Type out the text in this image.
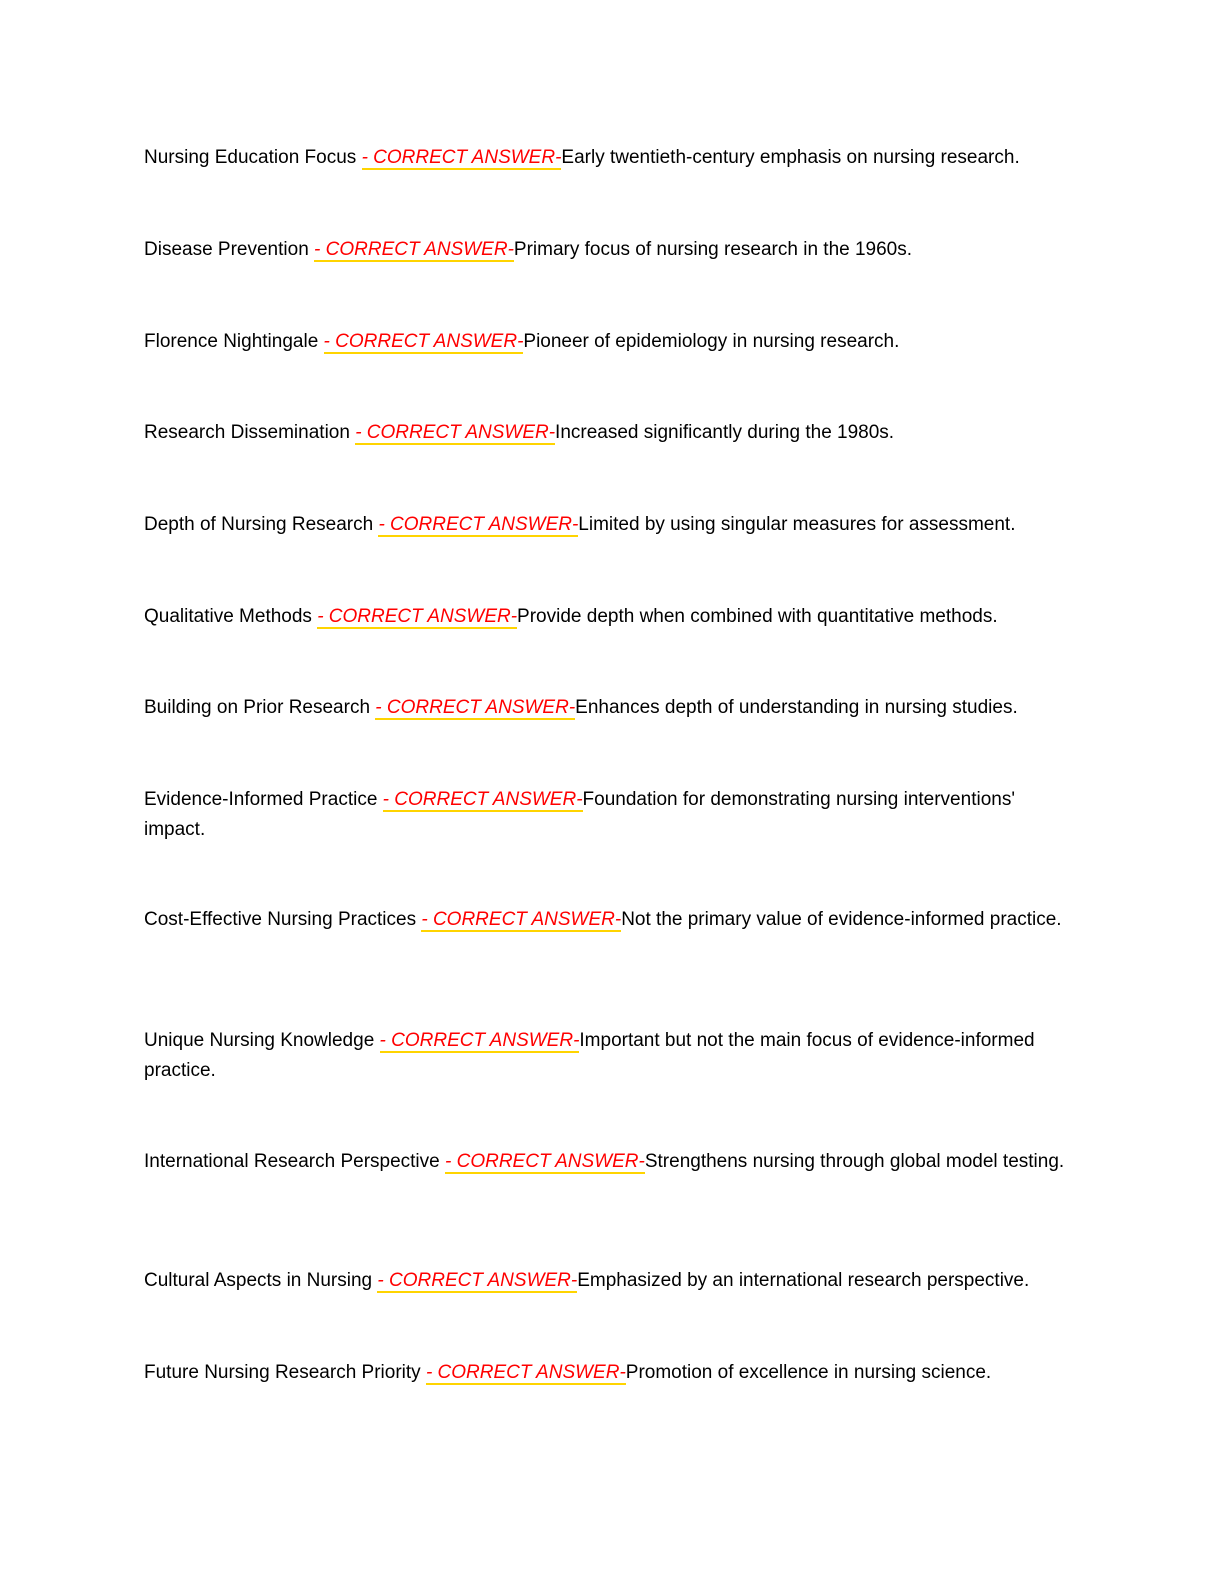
Nursing Education Focus - CORRECT ANSWER-Early twentieth-century emphasis on nursing research.

Disease Prevention - CORRECT ANSWER-Primary focus of nursing research in the 1960s.

Florence Nightingale - CORRECT ANSWER-Pioneer of epidemiology in nursing research.

Research Dissemination - CORRECT ANSWER-Increased significantly during the 1980s.

Depth of Nursing Research - CORRECT ANSWER-Limited by using singular measures for assessment.

Qualitative Methods - CORRECT ANSWER-Provide depth when combined with quantitative methods.

Building on Prior Research - CORRECT ANSWER-Enhances depth of understanding in nursing studies.

Evidence-Informed Practice - CORRECT ANSWER-Foundation for demonstrating nursing interventions' impact.

Cost-Effective Nursing Practices - CORRECT ANSWER-Not the primary value of evidence-informed practice.

Unique Nursing Knowledge - CORRECT ANSWER-Important but not the main focus of evidence-informed practice.

International Research Perspective - CORRECT ANSWER-Strengthens nursing through global model testing.

Cultural Aspects in Nursing - CORRECT ANSWER-Emphasized by an international research perspective.

Future Nursing Research Priority - CORRECT ANSWER-Promotion of excellence in nursing science.
